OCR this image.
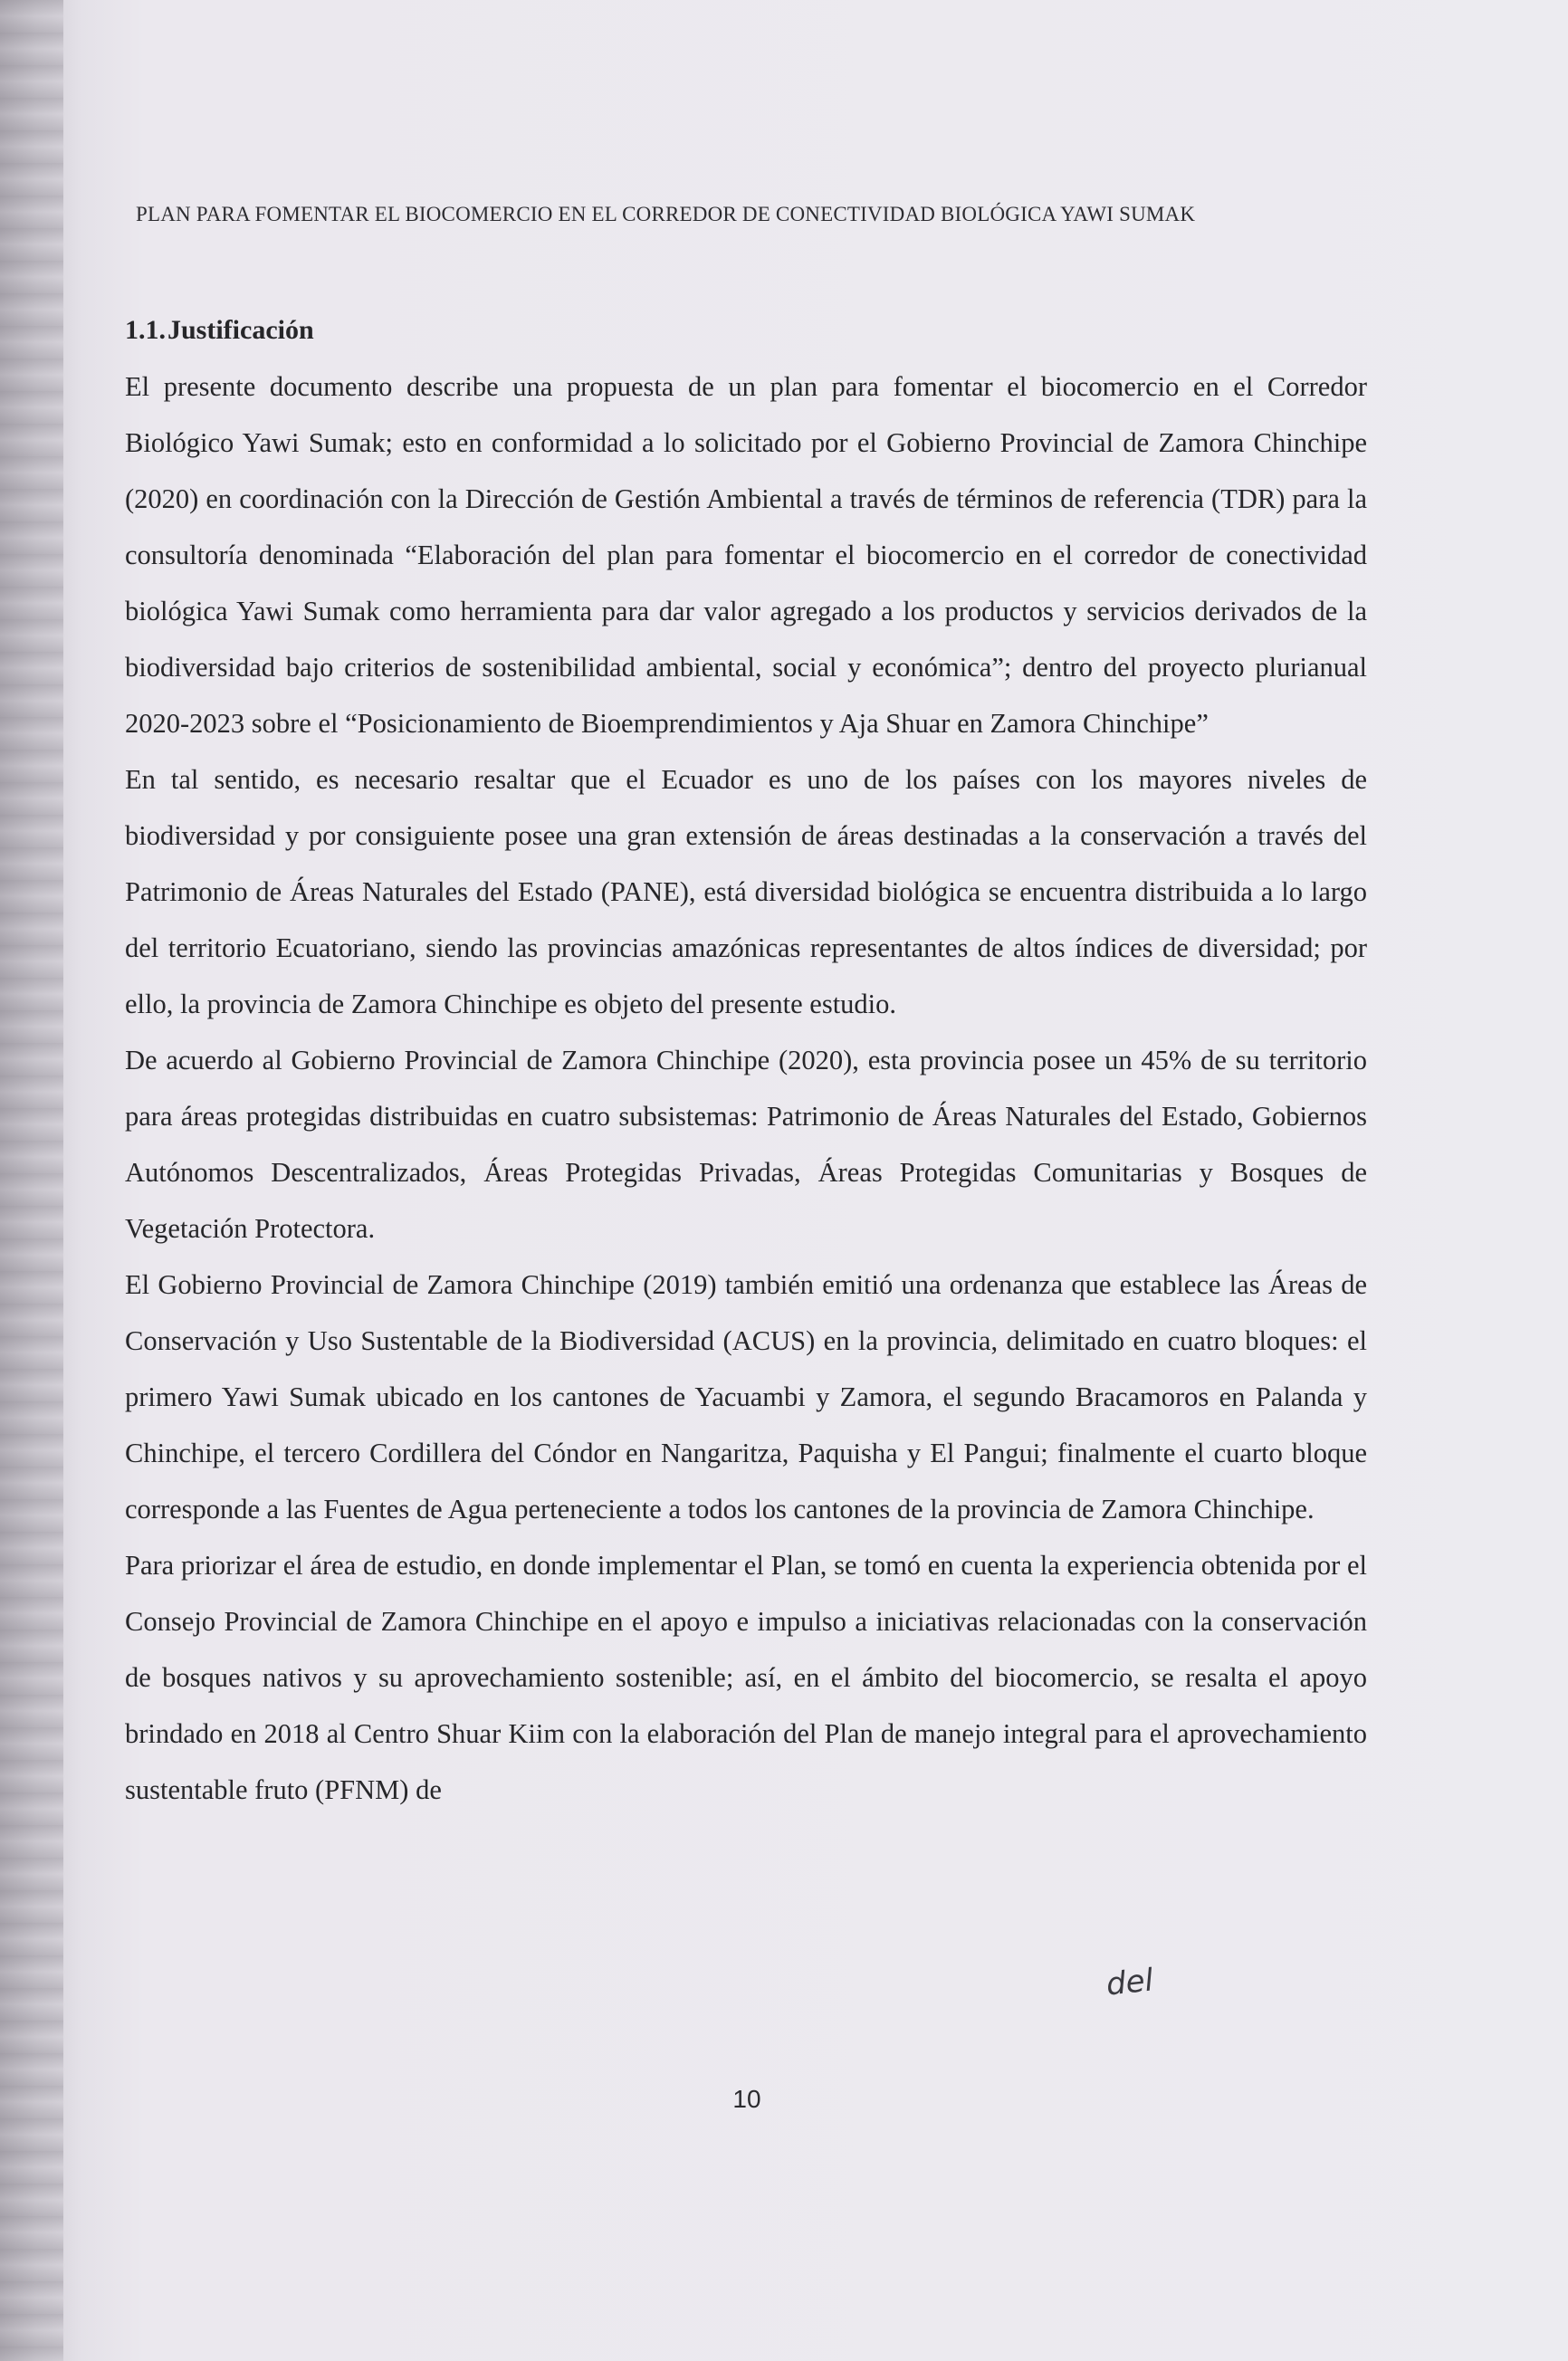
PLAN PARA FOMENTAR EL BIOCOMERCIO EN EL CORREDOR DE CONECTIVIDAD BIOLÓGICA YAWI SUMAK

1.1.Justificación

El presente documento describe una propuesta de un plan para fomentar el biocomercio en el Corredor Biológico Yawi Sumak; esto en conformidad a lo solicitado por el Gobierno Provincial de Zamora Chinchipe (2020) en coordinación con la Dirección de Gestión Ambiental a través de términos de referencia (TDR) para la consultoría denominada “Elaboración del plan para fomentar el biocomercio en el corredor de conectividad biológica Yawi Sumak como herramienta para dar valor agregado a los productos y servicios derivados de la biodiversidad bajo criterios de sostenibilidad ambiental, social y económica”; dentro del proyecto plurianual 2020-2023 sobre el “Posicionamiento de Bioemprendimientos y Aja Shuar en Zamora Chinchipe”

En tal sentido, es necesario resaltar que el Ecuador es uno de los países con los mayores niveles de biodiversidad y por consiguiente posee una gran extensión de áreas destinadas a la conservación a través del Patrimonio de Áreas Naturales del Estado (PANE), está diversidad biológica se encuentra distribuida a lo largo del territorio Ecuatoriano, siendo las provincias amazónicas representantes de altos índices de diversidad; por ello, la provincia de Zamora Chinchipe es objeto del presente estudio.

De acuerdo al Gobierno Provincial de Zamora Chinchipe (2020), esta provincia posee un 45% de su territorio para áreas protegidas distribuidas en cuatro subsistemas: Patrimonio de Áreas Naturales del Estado, Gobiernos Autónomos Descentralizados, Áreas Protegidas Privadas, Áreas Protegidas Comunitarias y Bosques de Vegetación Protectora.

El Gobierno Provincial de Zamora Chinchipe (2019) también emitió una ordenanza que establece las Áreas de Conservación y Uso Sustentable de la Biodiversidad (ACUS) en la provincia, delimitado en cuatro bloques: el primero Yawi Sumak ubicado en los cantones de Yacuambi y Zamora, el segundo Bracamoros en Palanda y Chinchipe, el tercero Cordillera del Cóndor en Nangaritza, Paquisha y El Pangui; finalmente el cuarto bloque corresponde a las Fuentes de Agua perteneciente a todos los cantones de la provincia de Zamora Chinchipe.

Para priorizar el área de estudio, en donde implementar el Plan, se tomó en cuenta la experiencia obtenida por el Consejo Provincial de Zamora Chinchipe en el apoyo e impulso a iniciativas relacionadas con la conservación de bosques nativos y su aprovechamiento sostenible; así, en el ámbito del biocomercio, se resalta el apoyo brindado en 2018 al Centro Shuar Kiim con la elaboración del Plan de manejo integral para el aprovechamiento sustentable fruto (PFNM) de

del
10
